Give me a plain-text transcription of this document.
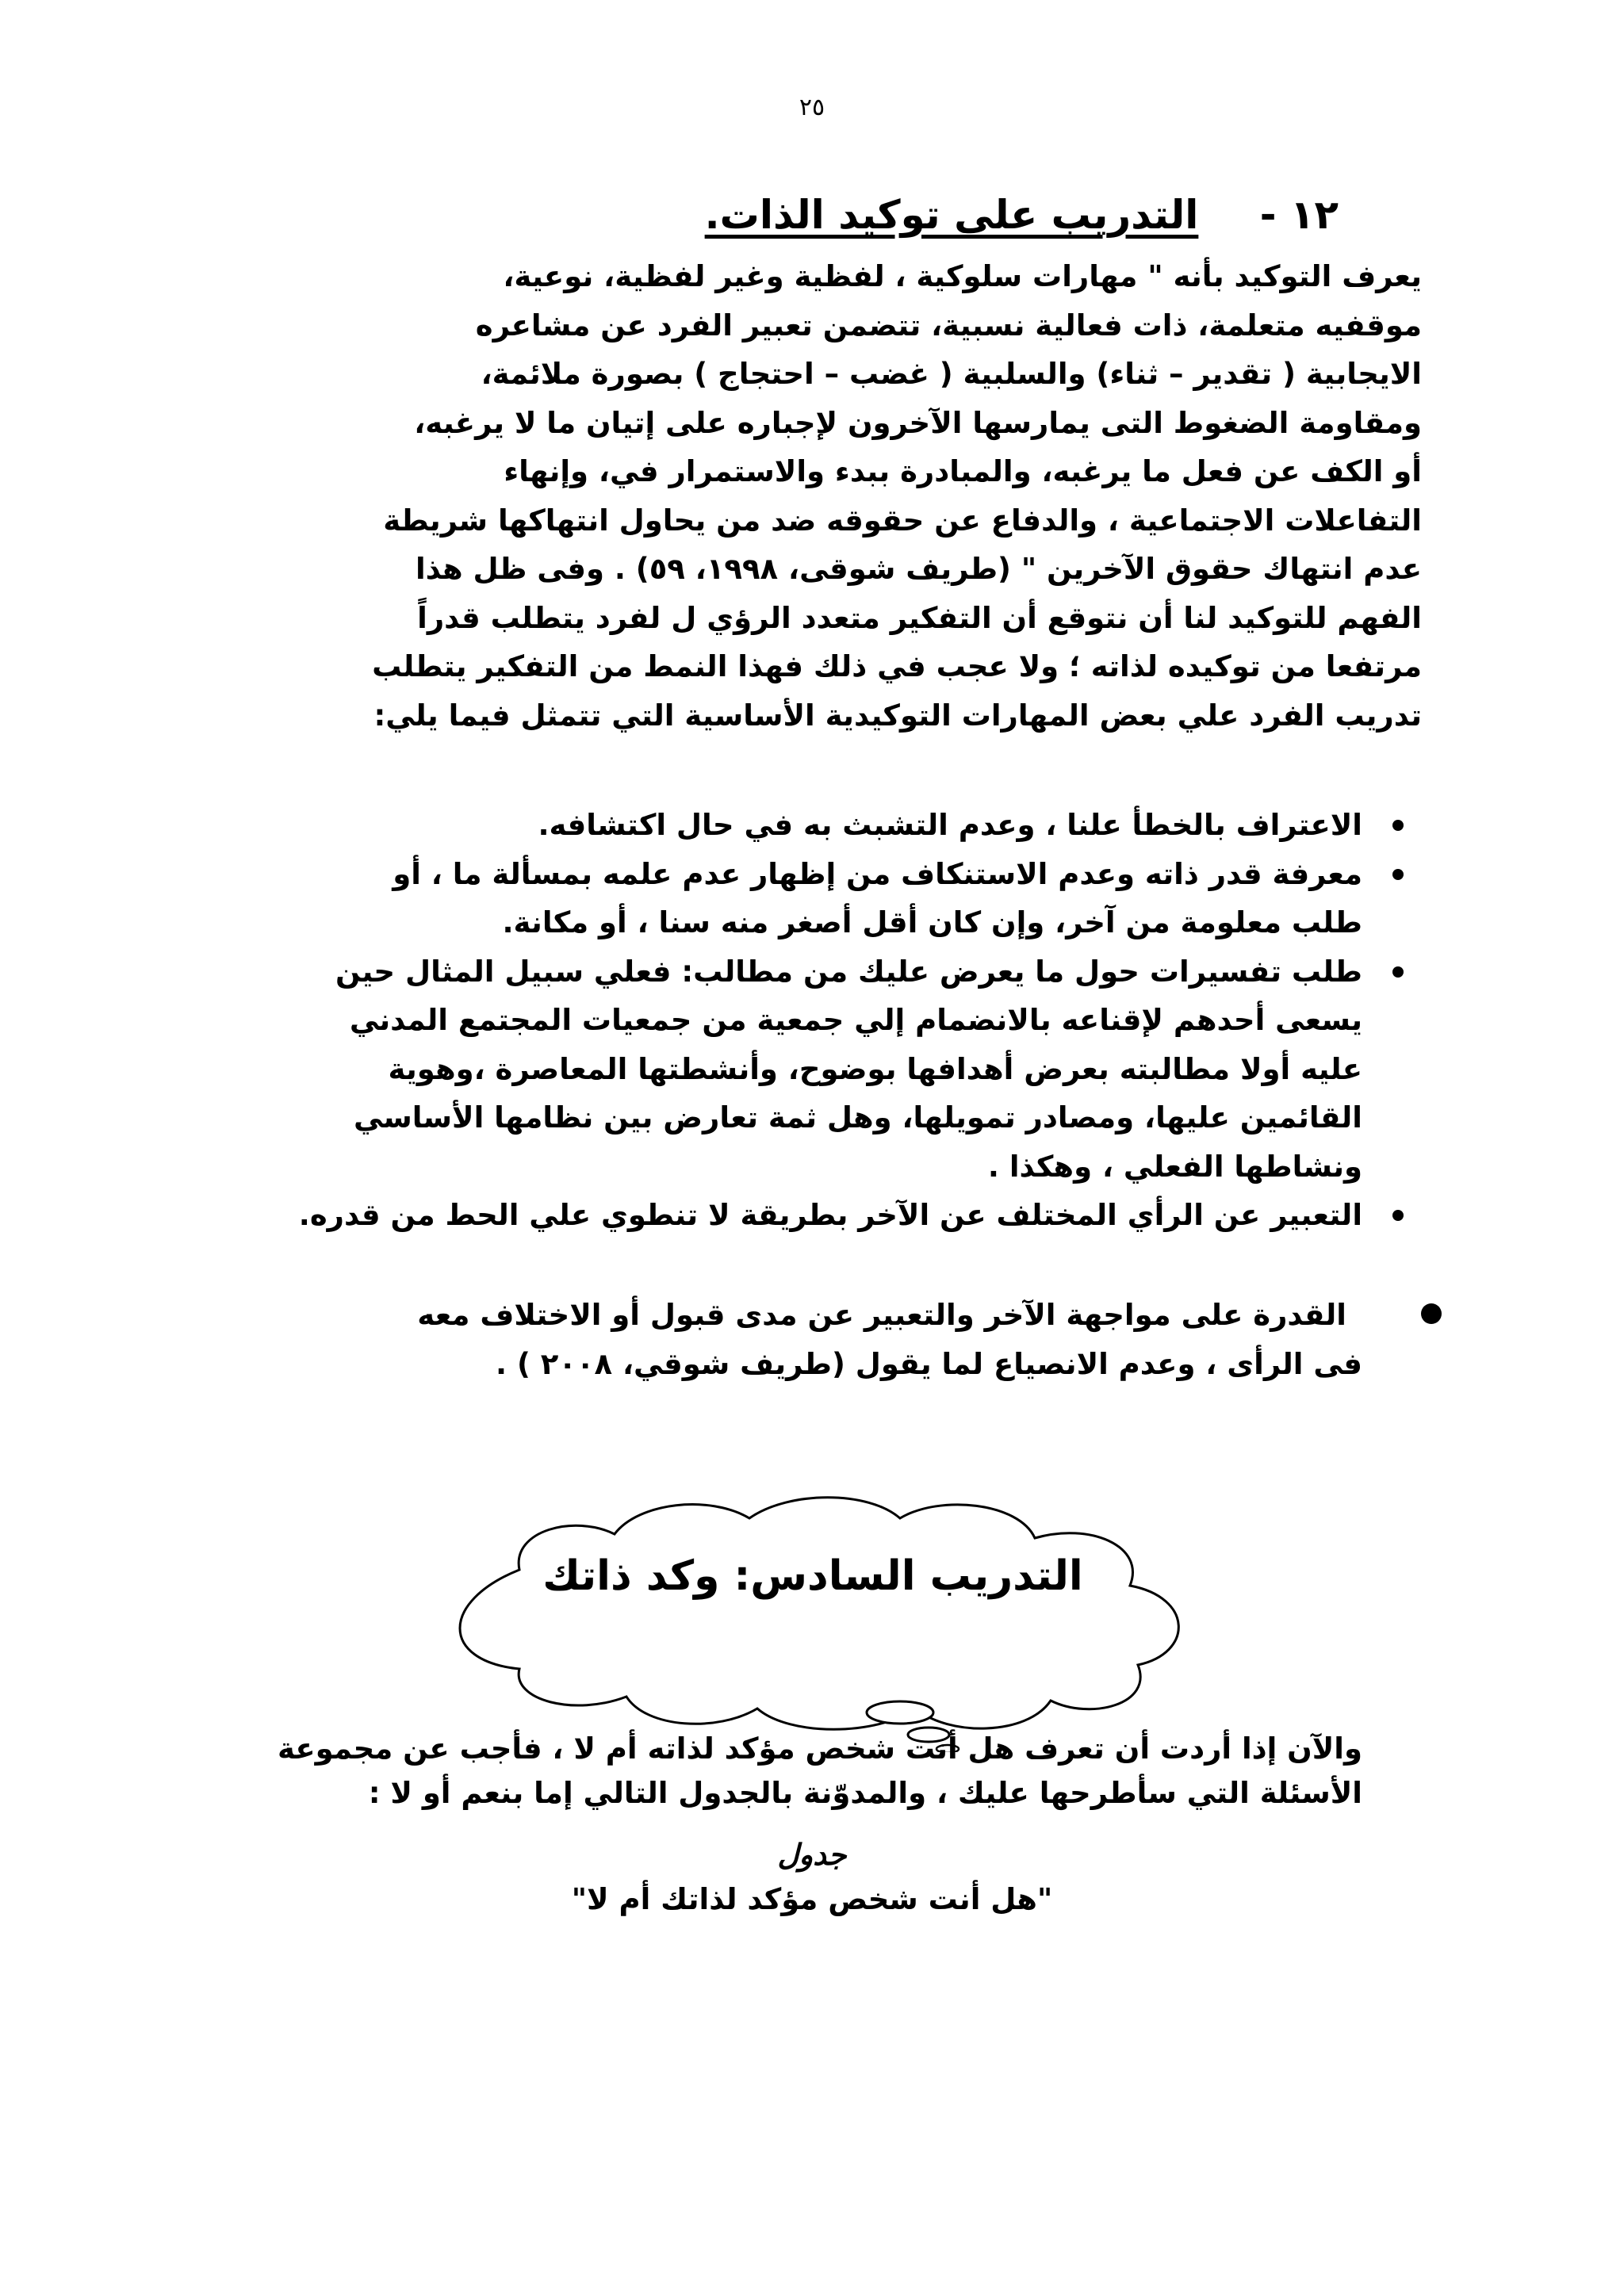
٢٥
١٢ - التدريب على توكيد الذات.
يعرف التوكيد بأنه " مهارات سلوكية ، لفظية وغير لفظية، نوعية،
موقفيه متعلمة، ذات فعالية نسبية، تتضمن تعبير الفرد عن مشاعره
الايجابية ( تقدير – ثناء) والسلبية ( غضب – احتجاج ) بصورة ملائمة،
ومقاومة الضغوط التى يمارسها الآخرون لإجباره على إتيان ما لا يرغبه،
أو الكف عن فعل ما يرغبه، والمبادرة ببدء والاستمرار في، وإنهاء
التفاعلات الاجتماعية ، والدفاع عن حقوقه ضد من يحاول انتهاكها شريطة
عدم انتهاك حقوق الآخرين " (طريف شوقى، ١٩٩٨، ٥٩) . وفى ظل هذا
الفهم للتوكيد لنا أن نتوقع أن التفكير متعدد الرؤي ل لفرد يتطلب قدراً
مرتفعا من توكيده لذاته ؛ ولا عجب في ذلك فهذا النمط من التفكير يتطلب
تدريب الفرد علي بعض المهارات التوكيدية الأساسية التي تتمثل فيما يلي:
الاعتراف بالخطأ علنا ، وعدم التشبث به في حال اكتشافه.
معرفة قدر ذاته وعدم الاستنكاف من إظهار عدم علمه بمسألة ما ، أو
طلب معلومة من آخر، وإن كان أقل أصغر منه سنا ، أو مكانة.
طلب تفسيرات حول ما يعرض عليك من مطالب: فعلي سبيل المثال حين
يسعى أحدهم لإقناعه بالانضمام إلي جمعية من جمعيات المجتمع المدني
عليه أولا مطالبته بعرض أهدافها بوضوح، وأنشطتها المعاصرة ،وهوية
القائمين عليها، ومصادر تمويلها، وهل ثمة تعارض بين نظامها الأساسي
ونشاطها الفعلي ، وهكذا .
التعبير عن الرأي المختلف عن الآخر بطريقة لا تنطوي علي الحط من قدره.
القدرة على مواجهة الآخر والتعبير عن مدى قبول أو الاختلاف معه
فى الرأى ، وعدم الانصياع لما يقول (طريف شوقي، ٢٠٠٨ ) .
التدريب السادس: وكد ذاتك
والآن إذا أردت أن تعرف هل أنت شخص مؤكد لذاته أم لا ، فأجب عن مجموعة
الأسئلة التي سأطرحها عليك ، والمدوّنة بالجدول التالي إما بنعم أو لا :
جدول
"هل أنت شخص مؤكد لذاتك أم لا"
